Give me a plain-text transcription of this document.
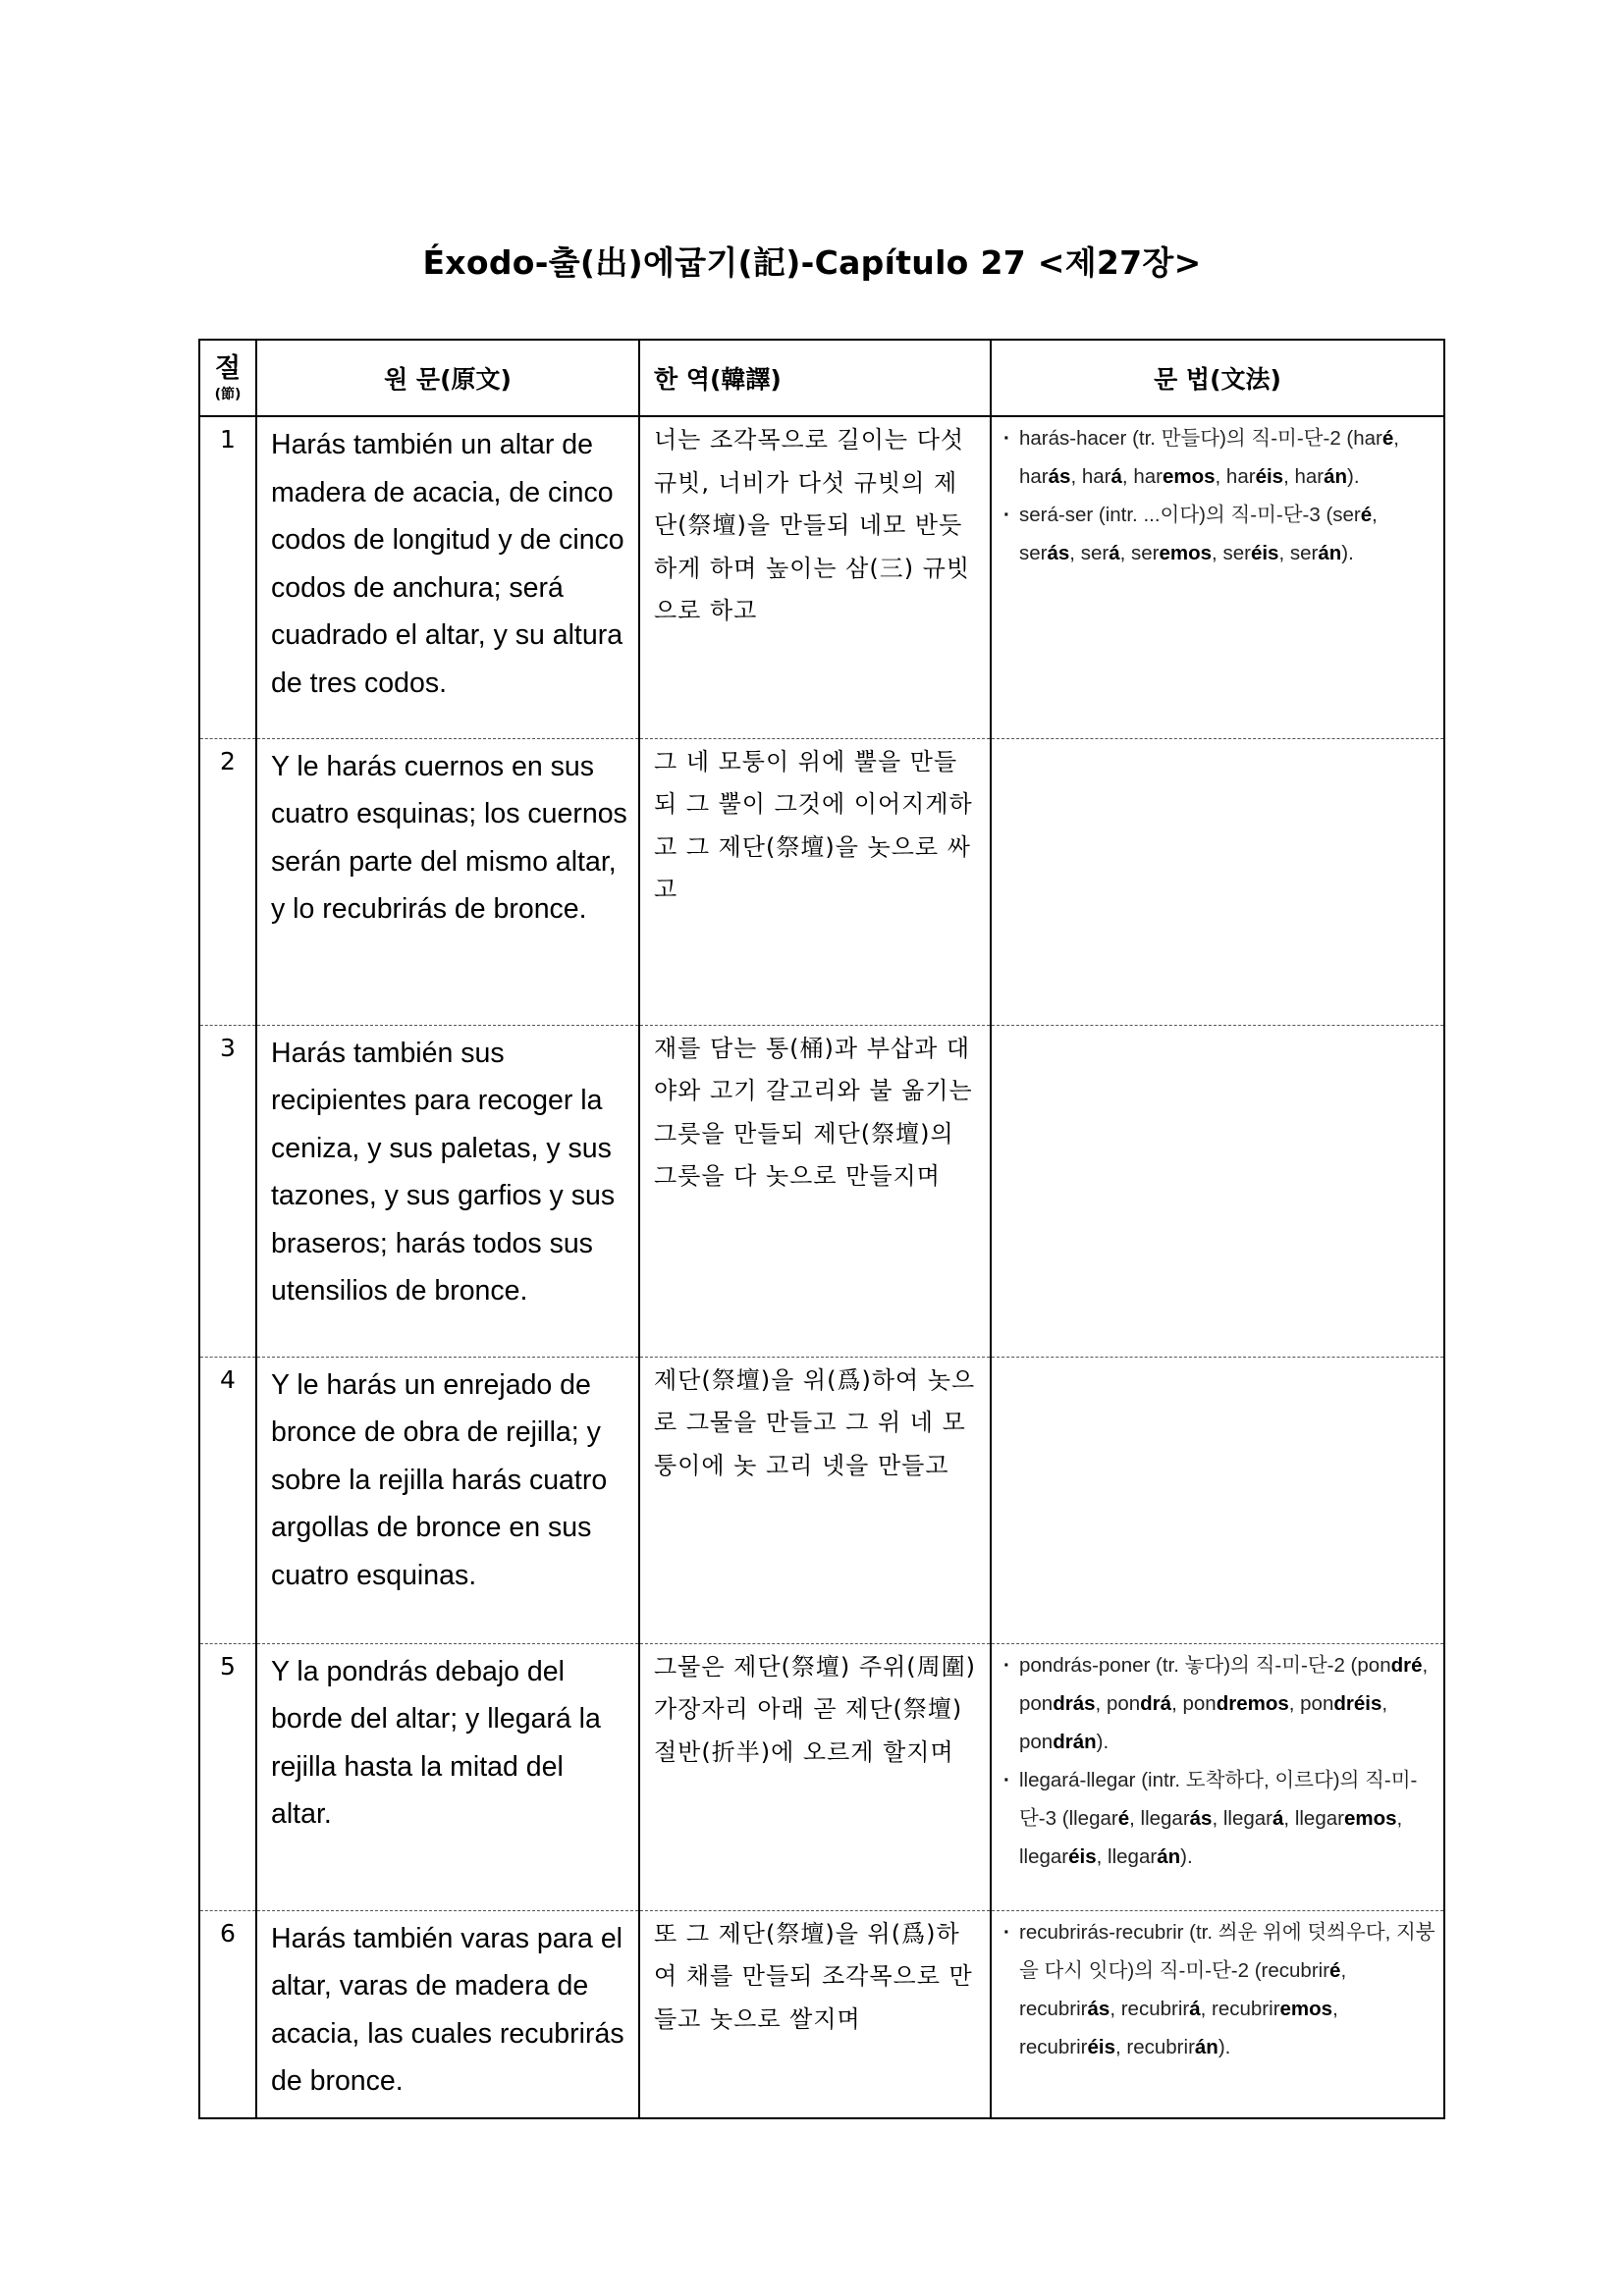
Éxodo-출(出)에굽기(記)-Capítulo 27 <제27장>
절
(節)	원 문(原文)	한 역(韓譯)	문 법(文法)
1	Harás también un altar de madera de acacia, de cinco codos de longitud y de cinco codos de anchura; será cuadrado el altar, y su altura de tres codos.	너는 조각목으로 길이는 다섯 규빗, 너비가 다섯 규빗의 제단(祭壇)을 만들되 네모 반듯하게 하며 높이는 삼(三) 규빗으로 하고	· harás-hacer (tr. 만들다)의 직-미-단-2 (haré, harás, hará, haremos, haréis, harán).
· será-ser (intr. ...이다)의 직-미-단-3 (seré, serás, será, seremos, seréis, serán).

2	Y le harás cuernos en sus cuatro esquinas; los cuernos serán parte del mismo altar, y lo recubrirás de bronce.	그 네 모퉁이 위에 뿔을 만들되 그 뿔이 그것에 이어지게하고 그 제단(祭壇)을 놋으로 싸고	
3	Harás también sus recipientes para recoger la ceniza, y sus paletas, y sus tazones, y sus garfios y sus braseros; harás todos sus utensilios de bronce.	재를 담는 통(桶)과 부삽과 대야와 고기 갈고리와 불 옮기는 그릇을 만들되 제단(祭壇)의 그릇을 다 놋으로 만들지며	
4	Y le harás un enrejado de bronce de obra de rejilla; y sobre la rejilla harás cuatro argollas de bronce en sus cuatro esquinas.	제단(祭壇)을 위(爲)하여 놋으로 그물을 만들고 그 위 네 모퉁이에 놋 고리 넷을 만들고	
5	Y la pondrás debajo del borde del altar; y llegará la rejilla hasta la mitad del altar.	그물은 제단(祭壇) 주위(周圍) 가장자리 아래 곧 제단(祭壇) 절반(折半)에 오르게 할지며	· pondrás-poner (tr. 놓다)의 직-미-단-2 (pondré, pondrás, pondrá, pondremos, pondréis, pondrán).
· llegará-llegar (intr. 도착하다, 이르다)의 직-미-단-3 (llegaré, llegarás, llegará, llegaremos, llegaréis, llegarán).

6	Harás también varas para el altar, varas de madera de acacia, las cuales recubrirás de bronce.	또 그 제단(祭壇)을 위(爲)하여 채를 만들되 조각목으로 만들고 놋으로 쌀지며	· recubrirás-recubrir (tr. 씌운 위에 덧씌우다, 지붕을 다시 잇다)의 직-미-단-2 (recubriré, recubrirás, recubrirá, recubriremos, recubriréis, recubrirán).
